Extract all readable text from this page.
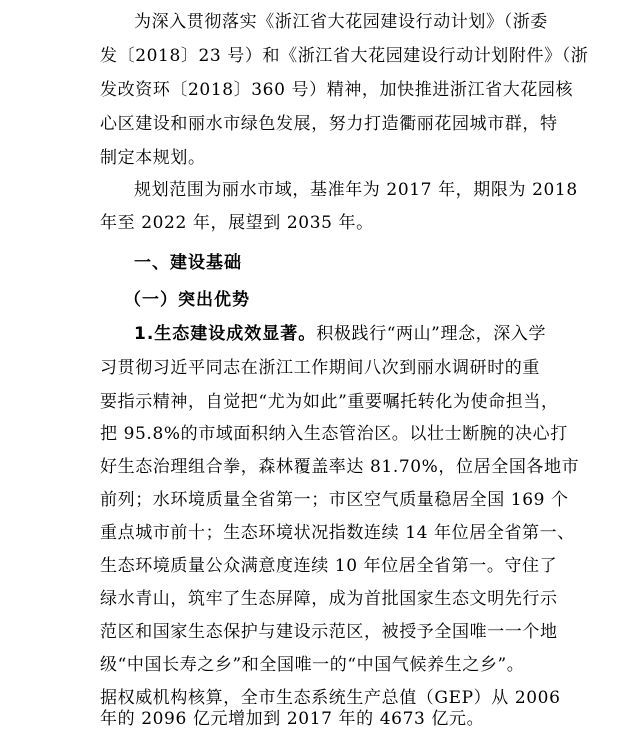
为深入贯彻落实《浙江省大花园建设行动计划》（浙委
发〔2018〕23 号）和《浙江省大花园建设行动计划附件》（浙
发改资环〔2018〕360 号）精神，加快推进浙江省大花园核
心区建设和丽水市绿色发展，努力打造衢丽花园城市群，特
制定本规划。
规划范围为丽水市域，基准年为 2017 年，期限为 2018
年至 2022 年，展望到 2035 年。
一、建设基础
（一）突出优势
1.生态建设成效显著。积极践行“两山”理念，深入学
习贯彻习近平同志在浙江工作期间八次到丽水调研时的重
要指示精神，自觉把“尤为如此”重要嘱托转化为使命担当，
把 95.8%的市域面积纳入生态管治区。以壮士断腕的决心打
好生态治理组合拳，森林覆盖率达 81.70%，位居全国各地市
前列；水环境质量全省第一；市区空气质量稳居全国 169 个
重点城市前十；生态环境状况指数连续 14 年位居全省第一、
生态环境质量公众满意度连续 10 年位居全省第一。守住了
绿水青山，筑牢了生态屏障，成为首批国家生态文明先行示
范区和国家生态保护与建设示范区，被授予全国唯一一个地
级“中国长寿之乡”和全国唯一的“中国气候养生之乡”。
据权威机构核算，全市生态系统生产总值（GEP）从 2006
年的 2096 亿元增加到 2017 年的 4673 亿元。
